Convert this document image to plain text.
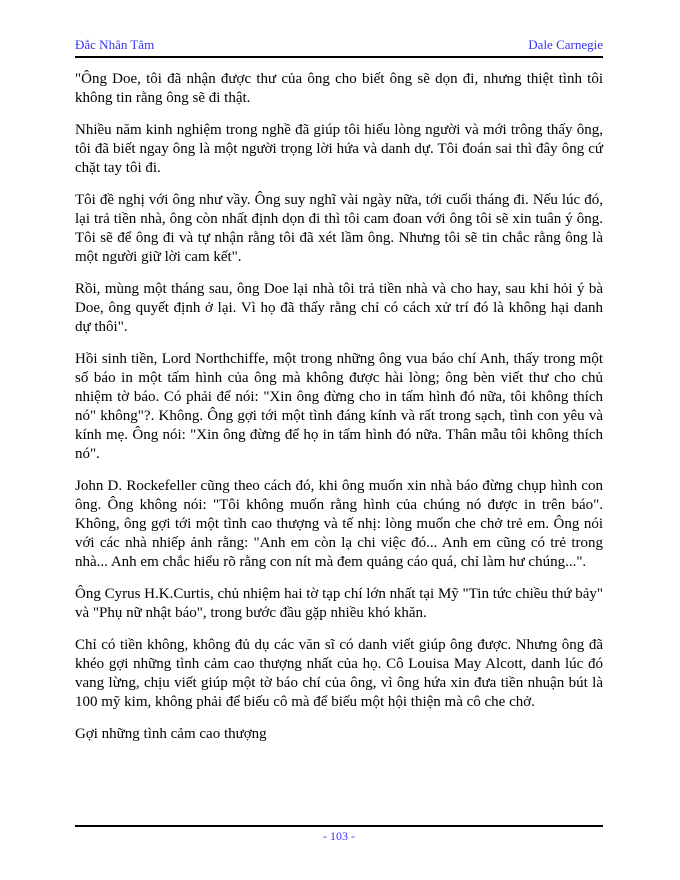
Đắc Nhân Tâm	Dale Carnegie

"Ông Doe, tôi đã nhận được thư của ông cho biết ông sẽ dọn đi, nhưng thiệt tình tôi không tin rằng ông sẽ đi thật.

Nhiều năm kinh nghiệm trong nghề đã giúp tôi hiểu lòng người và mới trông thấy ông, tôi đã biết ngay ông là một người trọng lời hứa và danh dự. Tôi đoán sai thì đây ông cứ chặt tay tôi đi.

Tôi đề nghị với ông như vầy. Ông suy nghĩ vài ngày nữa, tới cuối tháng đi. Nếu lúc đó, lại trả tiền nhà, ông còn nhất định dọn đi thì tôi cam đoan với ông tôi sẽ xin tuân ý ông. Tôi sẽ để ông đi và tự nhận rằng tôi đã xét lầm ông. Nhưng tôi sẽ tin chắc rằng ông là một người giữ lời cam kết".

Rồi, mùng một tháng sau, ông Doe lại nhà tôi trả tiền nhà và cho hay, sau khi hỏi ý bà Doe, ông quyết định ở lại. Vì họ đã thấy rằng chỉ có cách xử trí đó là không hại danh dự thôi".

Hồi sinh tiền, Lord Northchiffe, một trong những ông vua báo chí Anh, thấy trong một số báo in một tấm hình của ông mà không được hài lòng; ông bèn viết thư cho chủ nhiệm tờ báo. Có phải để nói: "Xin ông đừng cho in tấm hình đó nữa, tôi không thích nó" không"?. Không. Ông gợi tới một tình đáng kính và rất trong sạch, tình con yêu và kính mẹ. Ông nói: "Xin ông đừng để họ in tấm hình đó nữa. Thân mẫu tôi không thích nó".

John D. Rockefeller cũng theo cách đó, khi ông muốn xin nhà báo đừng chụp hình con ông. Ông không nói: "Tôi không muốn rằng hình của chúng nó được in trên báo". Không, ông gợi tới một tình cao thượng và tế nhị: lòng muốn che chở trẻ em. Ông nói với các nhà nhiếp ảnh rằng: "Anh em còn lạ chi việc đó... Anh em cũng có trẻ trong nhà... Anh em chắc hiểu rõ rằng con nít mà đem quảng cáo quá, chỉ làm hư chúng...".

Ông Cyrus H.K.Curtis, chủ nhiệm hai tờ tạp chí lớn nhất tại Mỹ "Tin tức chiều thứ bảy" và "Phụ nữ nhật báo", trong bước đầu gặp nhiều khó khăn.

Chỉ có tiền không, không đủ dụ các văn sĩ có danh viết giúp ông được. Nhưng ông đã khéo gợi những tình cảm cao thượng nhất của họ. Cô Louisa May Alcott, danh lúc đó vang lừng, chịu viết giúp một tờ báo chí của ông, vì ông hứa xin đưa tiền nhuận bút là 100 mỹ kim, không phải để biếu cô mà để biếu một hội thiện mà cô che chở.

Gợi những tình cảm cao thượng

- 103 -
